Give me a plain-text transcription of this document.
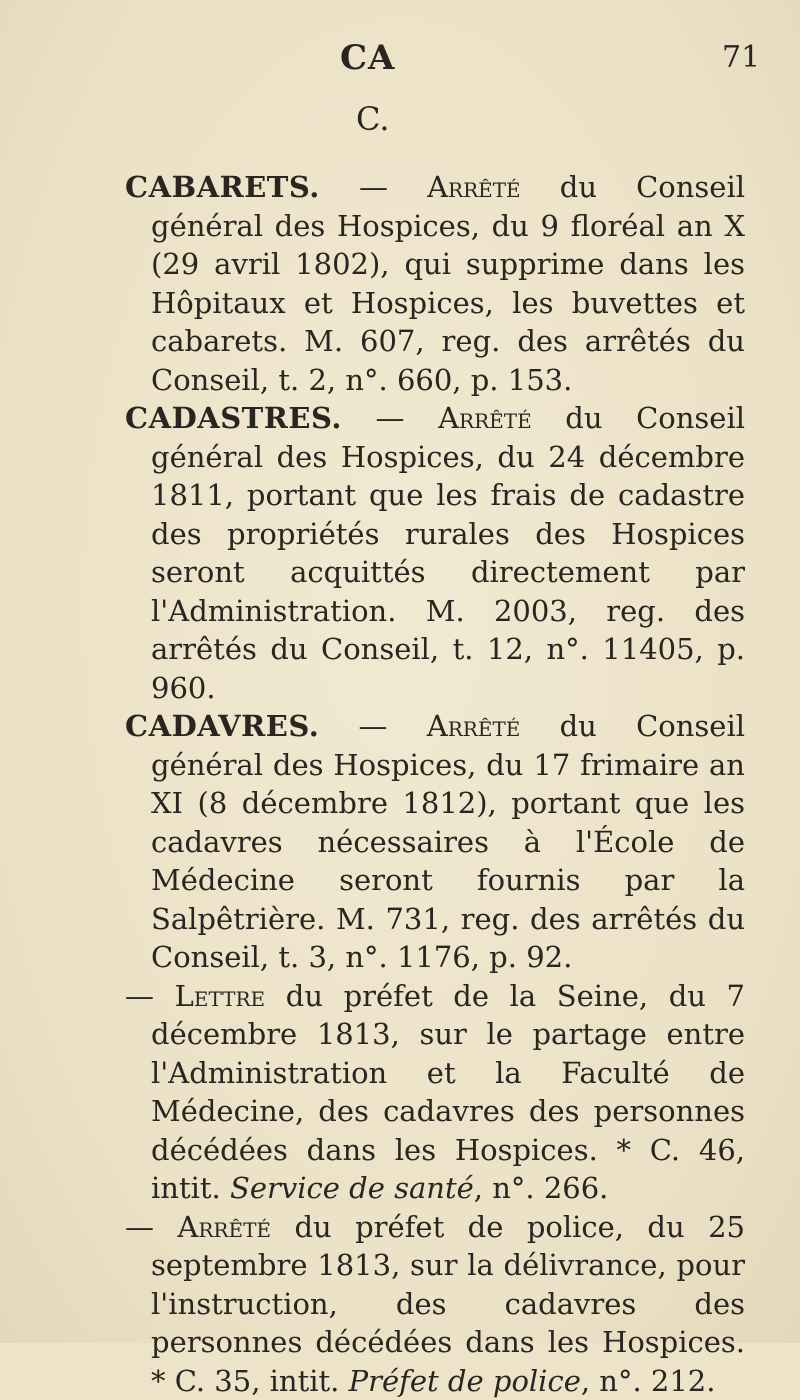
CA	71
C.

CABARETS. — Arrêté du Conseil général des Hospices, du 9 floréal an X (29 avril 1802), qui supprime dans les Hôpitaux et Hospices, les buvettes et cabarets. M. 607, reg. des arrêtés du Conseil, t. 2, n°. 660, p. 153.

CADASTRES. — Arrêté du Conseil général des Hospices, du 24 décembre 1811, portant que les frais de cadastre des propriétés rurales des Hospices seront acquittés directement par l'Administration. M. 2003, reg. des arrêtés du Conseil, t. 12, n°. 11405, p. 960.

CADAVRES. — Arrêté du Conseil général des Hospices, du 17 frimaire an XI (8 décembre 1812), portant que les cadavres nécessaires à l'École de Médecine seront fournis par la Salpêtrière. M. 731, reg. des arrêtés du Conseil, t. 3, n°. 1176, p. 92.

— Lettre du préfet de la Seine, du 7 décembre 1813, sur le partage entre l'Administration et la Faculté de Médecine, des cadavres des personnes décédées dans les Hospices. * C. 46, intit. Service de santé, n°. 266.

— Arrêté du préfet de police, du 25 septembre 1813, sur la délivrance, pour l'instruction, des cadavres des personnes décédées dans les Hospices. * C. 35, intit. Préfet de police, n°. 212.
